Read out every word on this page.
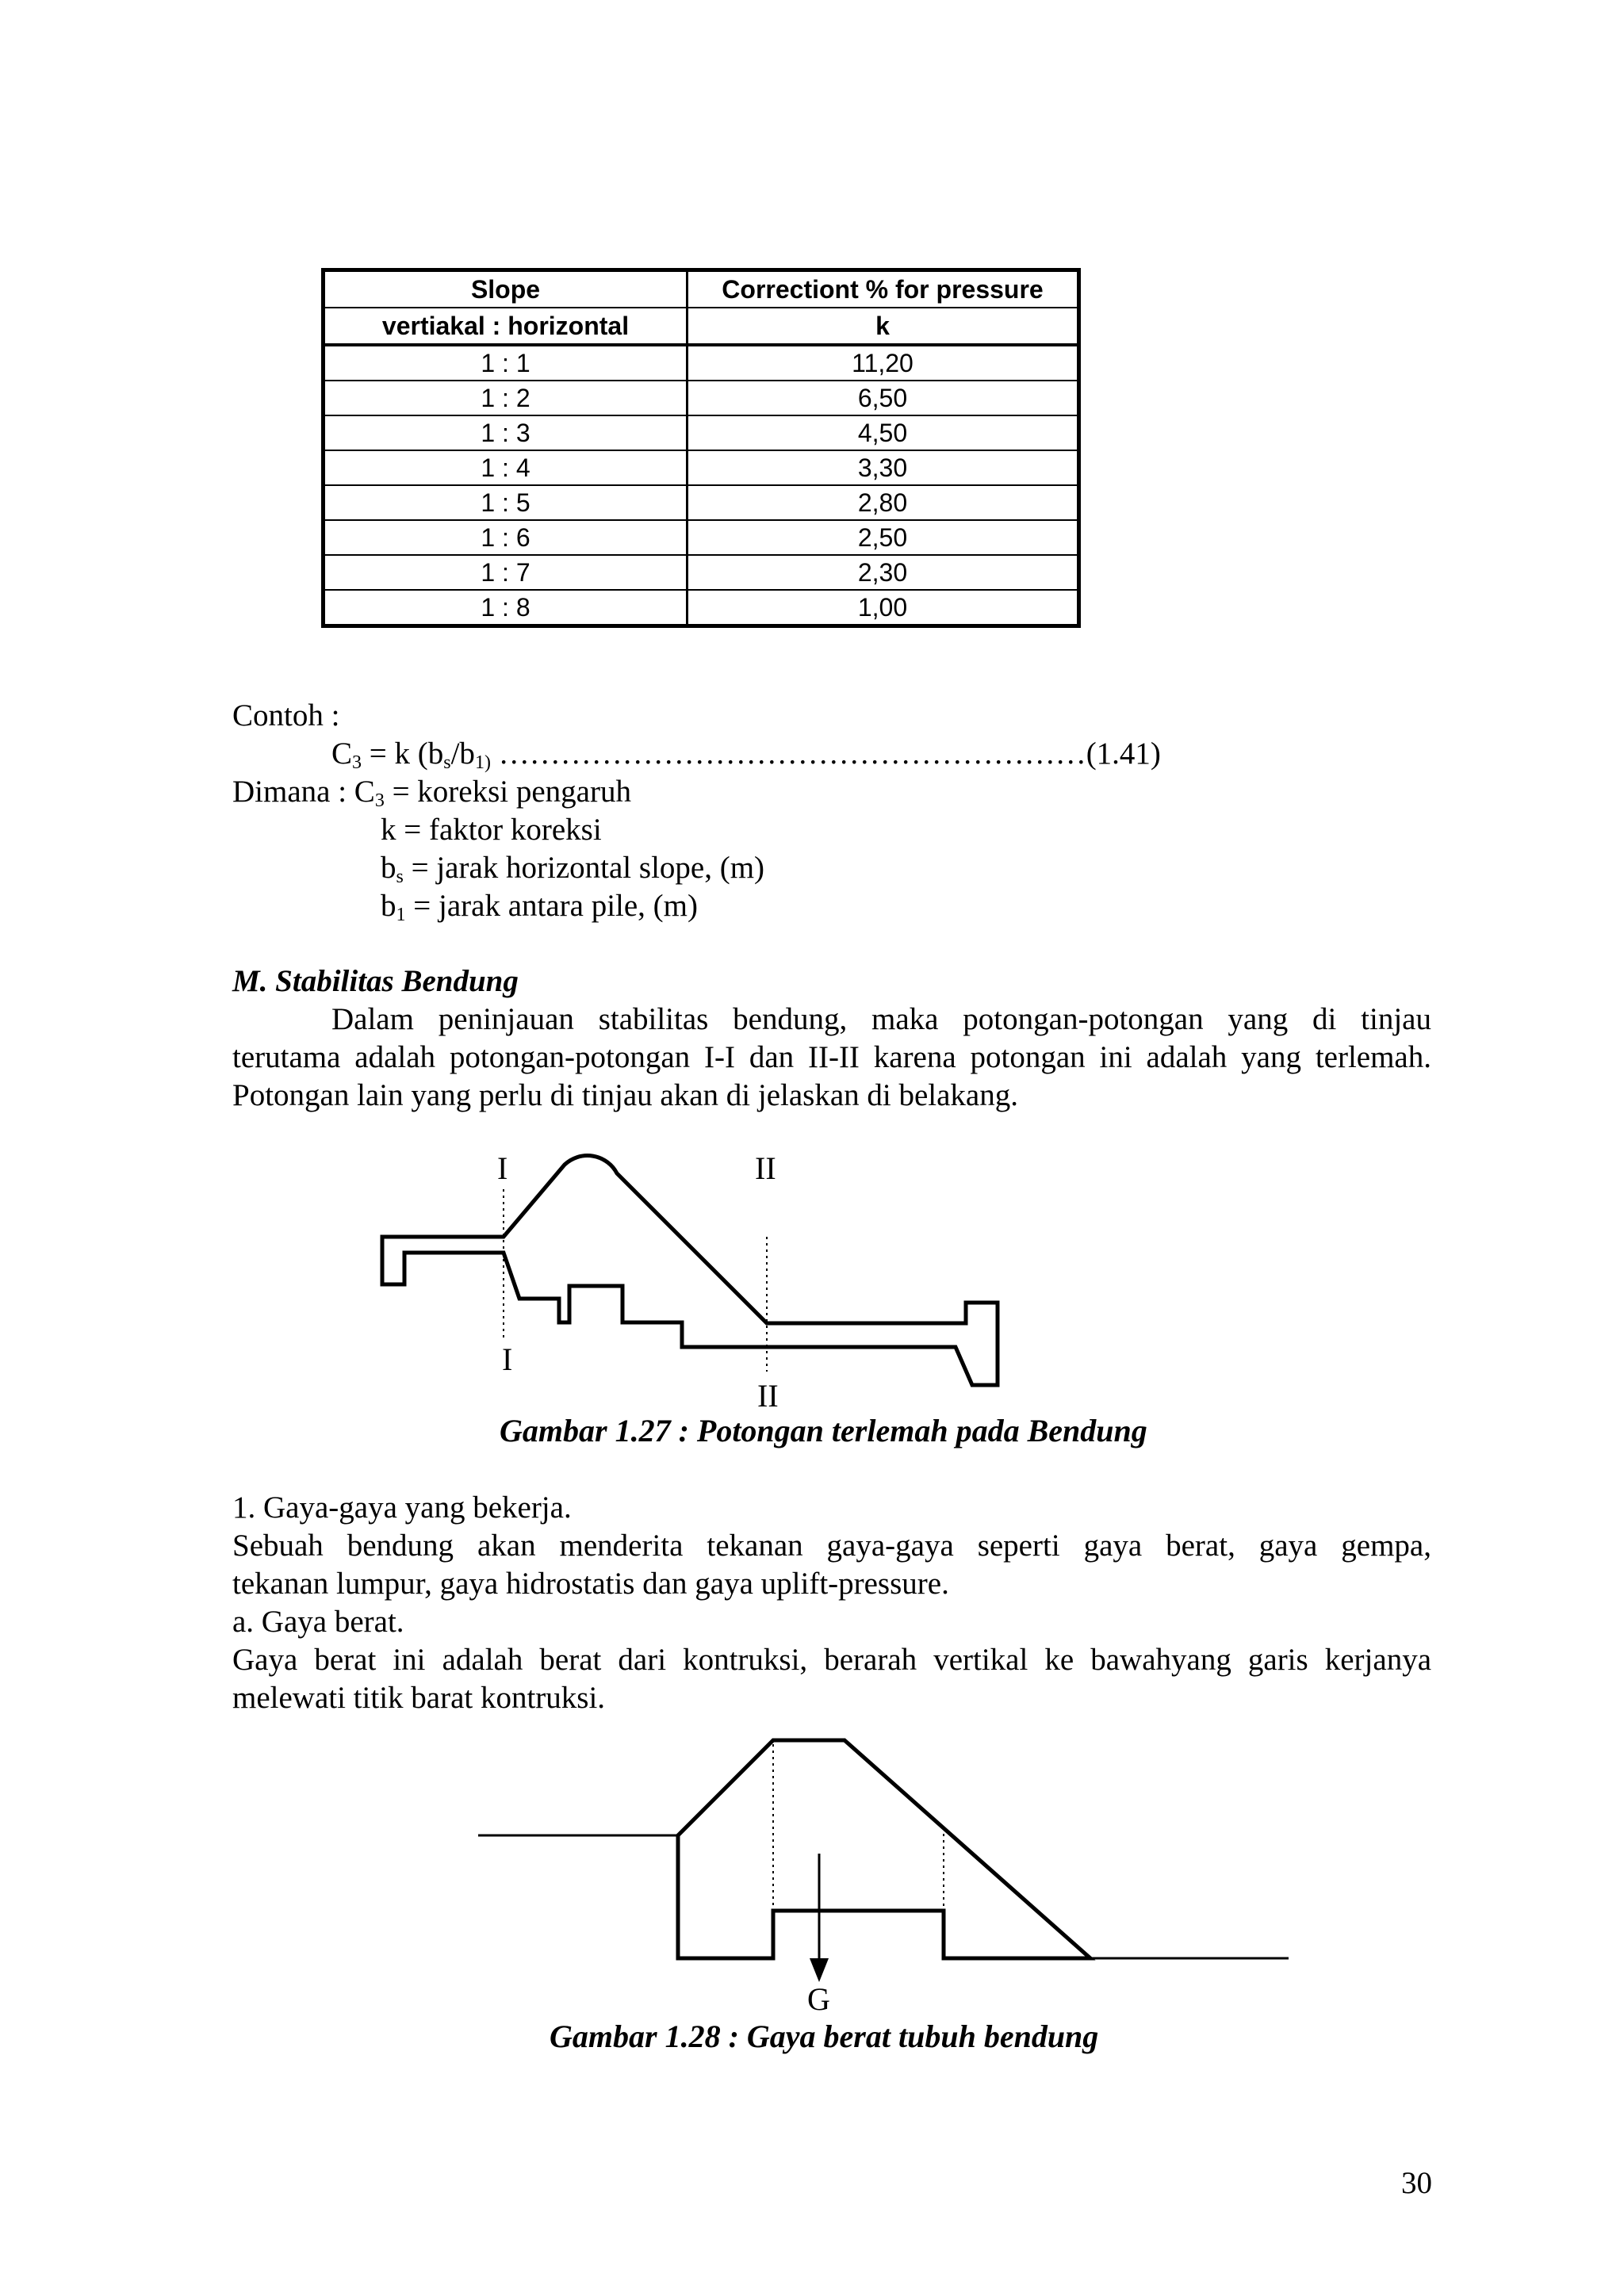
Slope	Correctiont % for pressure
vertiakal : horizontal	k
1 : 1	11,20
1 : 2	6,50
1 : 3	4,50
1 : 4	3,30
1 : 5	2,80
1 : 6	2,50
1 : 7	2,30
1 : 8	1,00
Contoh :
$C_3 = k$ ($b_s/b_{1)}$ …………………………………………………(1.41)
Dimana : $C_3$ = koreksi pengaruh
k = faktor koreksi
$b_s$ = jarak horizontal slope, (m)
$b_1$ = jarak antara pile, (m)
M. Stabilitas Bendung
Dalam peninjauan stabilitas bendung, maka potongan-potongan yang di tinjau
terutama adalah potongan-potongan I-I dan II-II karena potongan ini adalah yang terlemah.
Potongan lain yang perlu di tinjau akan di jelaskan di belakang.
I	II
I
II
Gambar 1.27 : Potongan terlemah pada Bendung
1. Gaya-gaya yang bekerja.
Sebuah bendung akan menderita tekanan gaya-gaya seperti gaya berat, gaya gempa,
tekanan lumpur, gaya hidrostatis dan gaya uplift-pressure.
a. Gaya berat.
Gaya berat ini adalah berat dari kontruksi, berarah vertikal ke bawahyang garis kerjanya
melewati titik barat kontruksi.
G
Gambar 1.28 : Gaya berat tubuh bendung
30
